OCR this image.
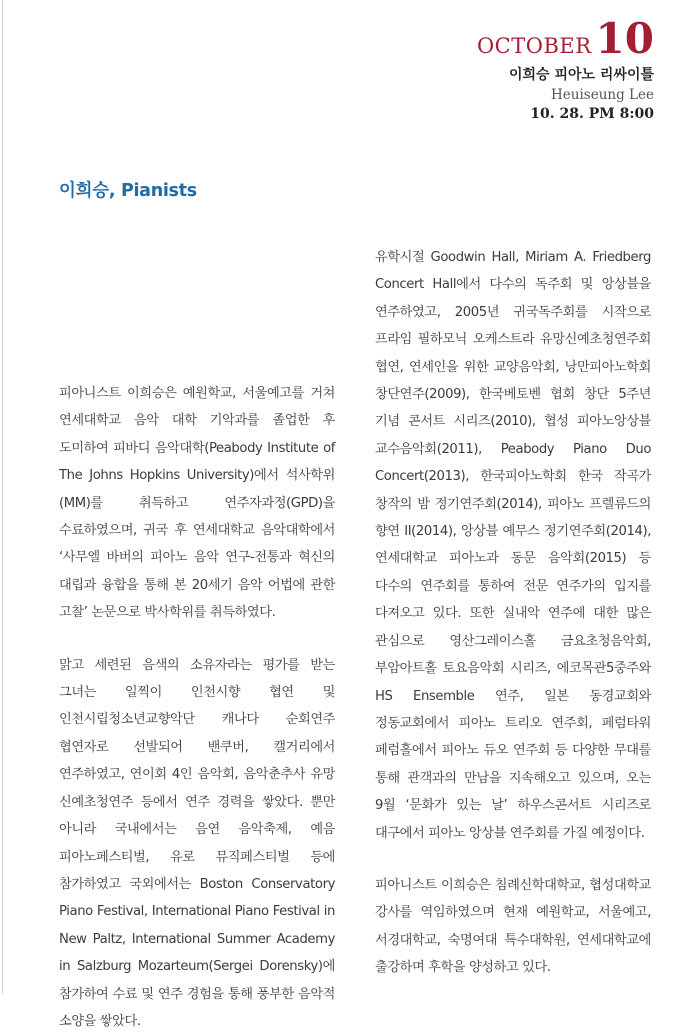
OCTOBER10
이희승 피아노 리싸이틀
Heuiseung Lee
10. 28. PM 8:00
이희승, Pianists

피아니스트 이희승은 예원학교, 서울예고를 거쳐 연세대학교 음악 대학 기악과를 졸업한 후 도미하여 피바디 음악대학(Peabody Institute of The Johns Hopkins University)에서 석사학위(MM)를 취득하고 연주자과정(GPD)을 수료하였으며, 귀국 후 연세대학교 음악대학에서 ‘사무엘 바버의 피아노 음악 연구-전통과 혁신의 대립과 융합을 통해 본 20세기 음악 어법에 관한 고찰’ 논문으로 박사학위를 취득하였다.

맑고 세련된 음색의 소유자라는 평가를 받는 그녀는 일찍이 인천시향 협연 및 인천시립청소년교향악단 캐나다 순회연주 협연자로 선발되어 밴쿠버, 캘거리에서 연주하였고, 연이회 4인 음악회, 음악춘추사 유망 신예초청연주 등에서 연주 경력을 쌓았다. 뿐만 아니라 국내에서는 음연 음악축제, 예음 피아노페스티벌, 유로 뮤직페스티벌 등에 참가하였고 국외에서는 Boston Conservatory Piano Festival, International Piano Festival in New Paltz, International Summer Academy in Salzburg Mozarteum(Sergei Dorensky)에 참가하여 수료 및 연주 경험을 통해 풍부한 음악적 소양을 쌓았다.

유학시절 Goodwin Hall, Miriam A. Friedberg Concert Hall에서 다수의 독주회 및 앙상블을 연주하였고, 2005년 귀국독주회를 시작으로 프라임 필하모닉 오케스트라 유망신예초청연주회 협연, 연세인을 위한 교양음악회, 낭만피아노학회 창단연주(2009), 한국베토벤 협회 창단 5주년 기념 콘서트 시리즈(2010), 협성 피아노앙상블 교수음악회(2011), Peabody Piano Duo Concert(2013), 한국피아노학회 한국 작곡가 창작의 밤 정기연주회(2014), 피아노 프렐류드의 향연 II(2014), 앙상블 예무스 정기연주회(2014), 연세대학교 피아노과 동문 음악회(2015) 등 다수의 연주회를 통하여 전문 연주가의 입지를 다져오고 있다. 또한 실내악 연주에 대한 많은 관심으로 영산그레이스홀 금요초청음악회, 부암아트홀 토요음악회 시리즈, 에코목관5중주와 HS Ensemble 연주, 일본 동경교회와 정동교회에서 피아노 트리오 연주회, 페럼타워 페럼홀에서 피아노 듀오 연주회 등 다양한 무대를 통해 관객과의 만남을 지속해오고 있으며, 오는 9월 ‘문화가 있는 날’ 하우스콘서트 시리즈로 대구에서 피아노 앙상블 연주회를 가질 예정이다.

피아니스트 이희승은 침례신학대학교, 협성대학교 강사를 역임하였으며 현재 예원학교, 서울예고, 서경대학교, 숙명여대 특수대학원, 연세대학교에 출강하며 후학을 양성하고 있다.
